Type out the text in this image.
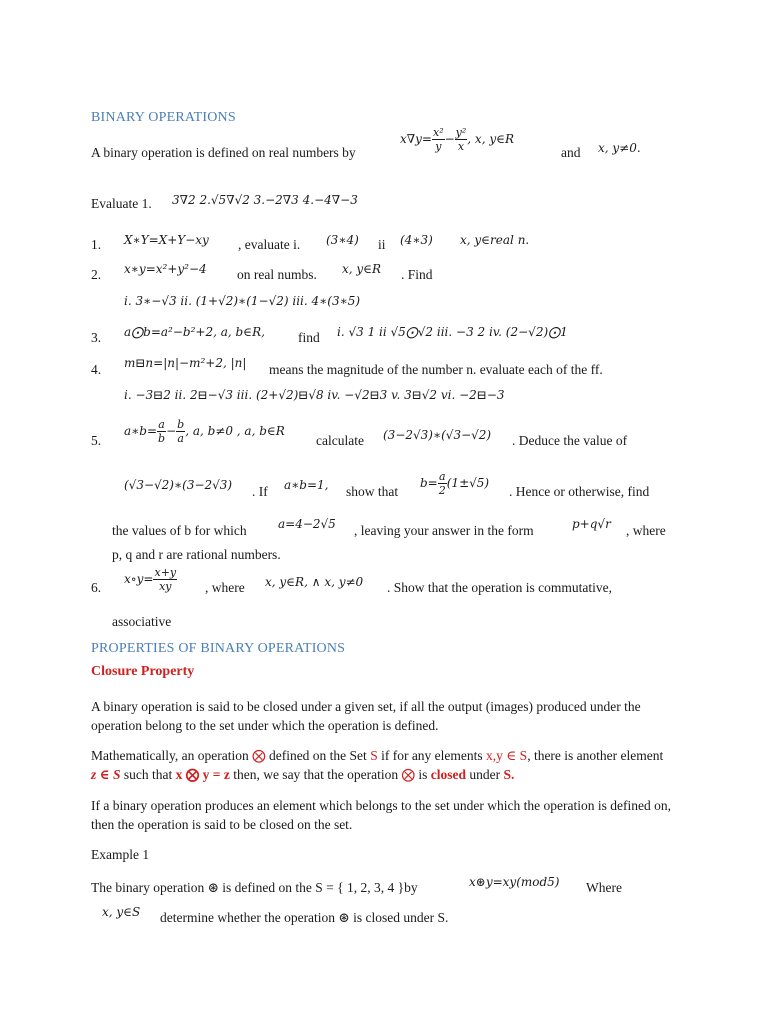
BINARY OPERATIONS
A binary operation is defined on real numbers by
$x\nabla y= \frac{\text{x²}}{y} - \frac{\text{y²}}{x}$ , x, y∈R
and x, y≠0.
Evaluate 1. 3∇2 2.√5∇√2 3.−2∇3 4.−4∇−3
1. X∗Y=X+Y−xy , evaluate i. (3∗4) ii (4∗3) x, y∈real n.
2. x∗y=x²+y²−4 on real numbs. x, y∈R . Find
i. 3∗−√3 ii. (1+√2)∗(1−√2) iii. 4∗(3∗5)
3. a⨀b=a²−b²+2, a, b∈R, find i. √3 1 ii √5⨀√2 iii. −3 2 iv. (2−√2)⨀1
4. m⊟n=|n|−m²+2, |n| means the magnitude of the number n. evaluate each of the ff.
i. −3⊟2 ii. 2⊟−√3 iii. (2+√2)⊟√8 iv. −√2⊟3 v. 3⊟√2 vi. −2⊟−3
5.
a∗b= $\frac{a}{b} - \frac{b}{a}$ , a, b≠0 , a, b∈R
calculate (3−2√3)∗(√3−√2) . Deduce the value of
(√3−√2)∗(3−2√3) . If a∗b=1, show that
$b= \frac{a}{2} (1\pm√5)$
. Hence or otherwise, find
the values of b for which	a=4−2√5 , leaving your answer in the form	p+q√r , where
p, q and r are rational numbers.
6.
x∘y= $\frac{x+y}{xy}$ , where x, y∈R, ∧ x, y≠0 . Show that the operation is commutative,
associative
PROPERTIES OF BINARY OPERATIONS
Closure Property
A binary operation is said to be closed under a given set, if all the output (images) produced under the operation belong to the set under which the operation is defined.
Mathematically, an operation ⨂ defined on the Set S if for any elements x,y ∈ S, there is another element z ∈ S such that x ⨂ y = z then, we say that the operation ⨂ is closed under S.
If a binary operation produces an element which belongs to the set under which the operation is defined on, then the operation is said to be closed on the set.
Example 1
The binary operation ⊛ is defined on the S = { 1, 2, 3, 4 }by	x⊛y=xy(mod5) Where
x, y∈S determine whether the operation ⊛ is closed under S.
